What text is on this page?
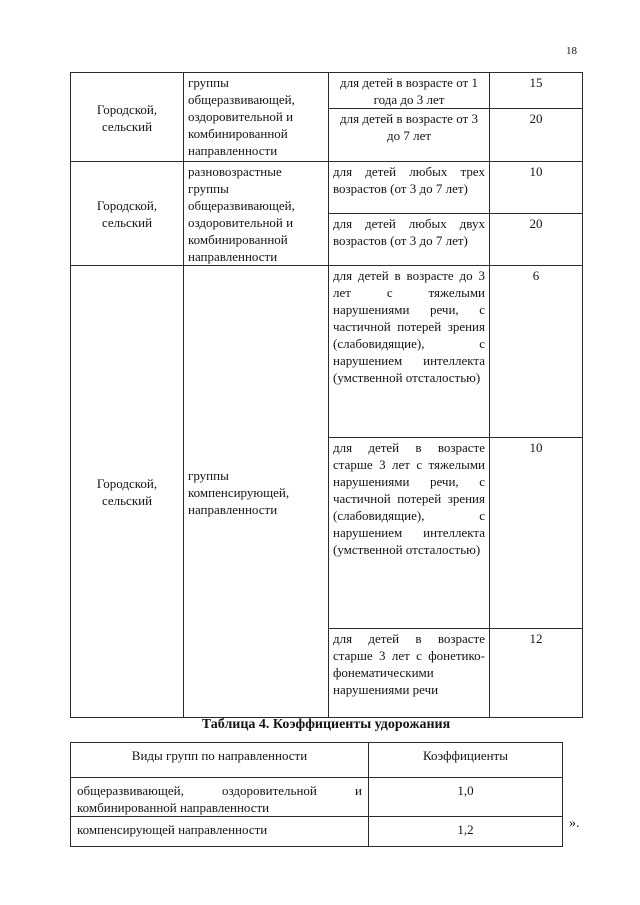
18
Городской, сельский	группы общеразвивающей, оздоровительной и комбинированной направленности	для детей в возрасте от 1 года до 3 лет	15
		для детей в возрасте от 3 до 7 лет	20
Городской, сельский	разновозрастные группы общеразвивающей, оздоровительной и комбинированной направленности	для детей любых трех возрастов (от 3 до 7 лет)	10
		для детей любых двух возрастов (от 3 до 7 лет)	20
Городской, сельский	группы компенсирующей, направленности	для детей в возрасте до 3 лет с тяжелыми нарушениями речи, с частичной потерей зрения (слабовидящие), с нарушением интеллекта (умственной отсталостью)	6
		для детей в возрасте старше 3 лет с тяжелыми нарушениями речи, с частичной потерей зрения (слабовидящие), с нарушением интеллекта (умственной отсталостью)	10
		для детей в возрасте старше 3 лет с фонетико-фонематическими нарушениями речи	12
Таблица 4. Коэффициенты удорожания
Виды групп по направленности	Коэффициенты
общеразвивающей, оздоровительной и комбинированной направленности	1,0
компенсирующей направленности	1,2	».
